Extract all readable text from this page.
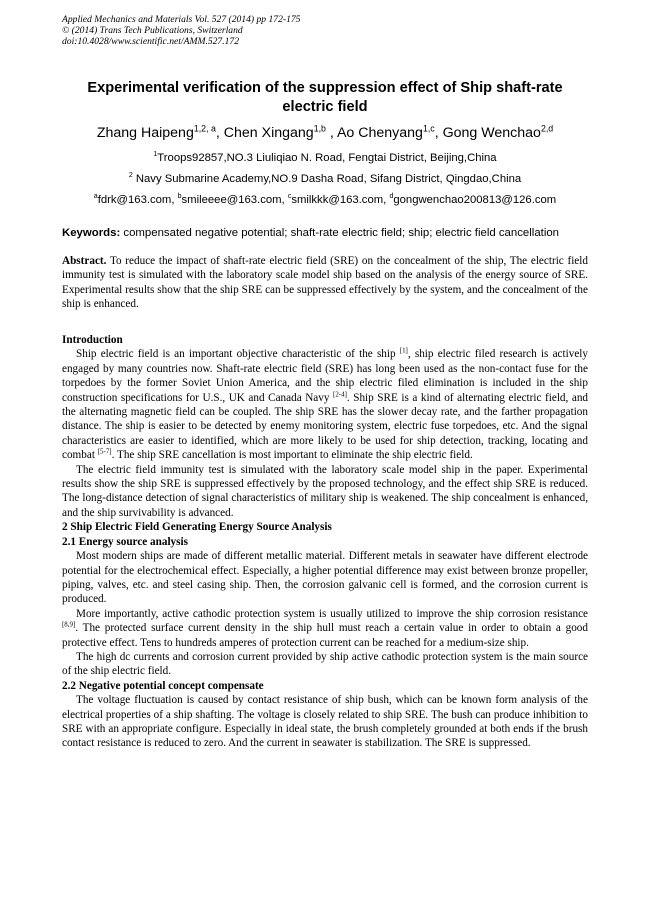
Applied Mechanics and Materials Vol. 527 (2014) pp 172-175
© (2014) Trans Tech Publications, Switzerland
doi:10.4028/www.scientific.net/AMM.527.172
Experimental verification of the suppression effect of Ship shaft-rate
electric field
Zhang Haipeng$^{1,2, a}$, Chen Xingang$^{1,b}$ , Ao Chenyang$^{1,c}$, Gong Wenchao$^{2,d}$
$^1$Troops92857,NO.3 Liuliqiao N. Road, Fengtai District, Beijing,China
$^2$ Navy Submarine Academy,NO.9 Dasha Road, Sifang District, Qingdao,China
$^a$fdrk@163.com, $^b$smileeee@163.com, $^c$smilkkk@163.com, $^d$gongwenchao200813@126.com
Keywords: compensated negative potential; shaft-rate electric field; ship; electric field cancellation

Abstract. To reduce the impact of shaft-rate electric field (SRE) on the concealment of the ship, The electric field immunity test is simulated with the laboratory scale model ship based on the analysis of the energy source of SRE. Experimental results show that the ship SRE can be suppressed effectively by the system, and the concealment of the ship is enhanced.

Introduction

Ship electric field is an important objective characteristic of the ship [1], ship electric filed research is actively engaged by many countries now. Shaft-rate electric field (SRE) has long been used as the non-contact fuse for the torpedoes by the former Soviet Union America, and the ship electric filed elimination is included in the ship construction specifications for U.S., UK and Canada Navy [2-4]. Ship SRE is a kind of alternating electric field, and the alternating magnetic field can be coupled. The ship SRE has the slower decay rate, and the farther propagation distance. The ship is easier to be detected by enemy monitoring system, electric fuse torpedoes, etc. And the signal characteristics are easier to identified, which are more likely to be used for ship detection, tracking, locating and combat [5-7]. The ship SRE cancellation is most important to eliminate the ship electric field.

The electric field immunity test is simulated with the laboratory scale model ship in the paper. Experimental results show the ship SRE is suppressed effectively by the proposed technology, and the effect ship SRE is reduced. The long-distance detection of signal characteristics of military ship is weakened. The ship concealment is enhanced, and the ship survivability is advanced.

2 Ship Electric Field Generating Energy Source Analysis

2.1 Energy source analysis

Most modern ships are made of different metallic material. Different metals in seawater have different electrode potential for the electrochemical effect. Especially, a higher potential difference may exist between bronze propeller, piping, valves, etc. and steel casing ship. Then, the corrosion galvanic cell is formed, and the corrosion current is produced.

More importantly, active cathodic protection system is usually utilized to improve the ship corrosion resistance [8,9]. The protected surface current density in the ship hull must reach a certain value in order to obtain a good protective effect. Tens to hundreds amperes of protection current can be reached for a medium-size ship.

The high dc currents and corrosion current provided by ship active cathodic protection system is the main source of the ship electric field.

2.2 Negative potential concept compensate

The voltage fluctuation is caused by contact resistance of ship bush, which can be known form analysis of the electrical properties of a ship shafting. The voltage is closely related to ship SRE. The bush can produce inhibition to SRE with an appropriate configure. Especially in ideal state, the brush completely grounded at both ends if the brush contact resistance is reduced to zero. And the current in seawater is stabilization. The SRE is suppressed.
